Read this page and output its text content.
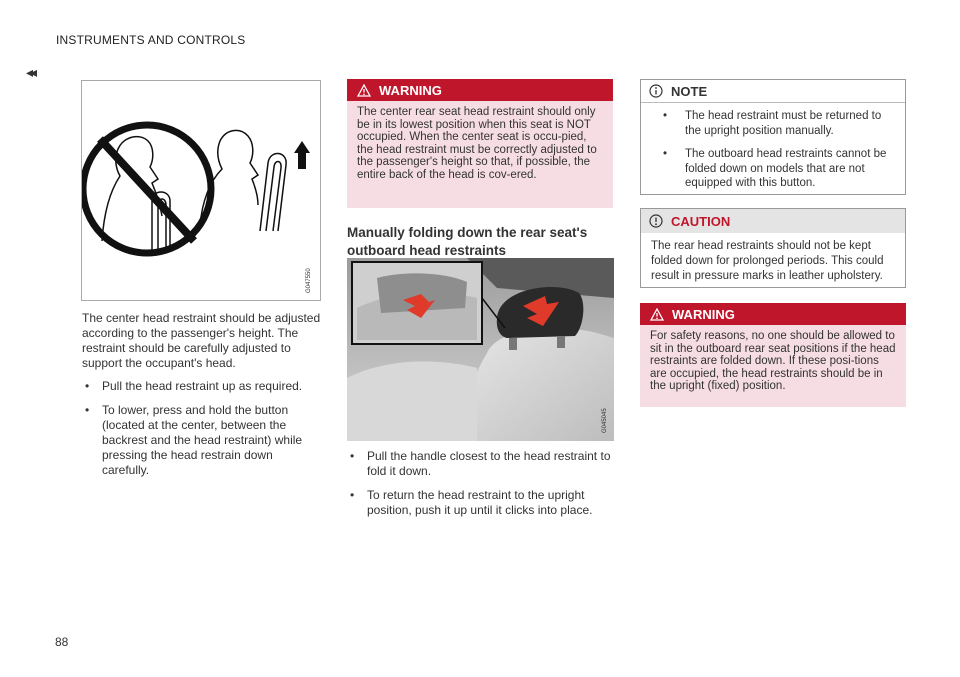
INSTRUMENTS AND CONTROLS
◂◂
G047550

The center head restraint should be adjusted according to the passenger's height. The restraint should be carefully adjusted to support the occupant's head.

• Pull the head restraint up as required.
• To lower, press and hold the button (located at the center, between the backrest and the head restraint) while pressing the head restrain down carefully.
WARNING
The center rear seat head restraint should only be in its lowest position when this seat is NOT occupied. When the center seat is occu-pied, the head restraint must be correctly adjusted to the passenger's height so that, if possible, the entire back of the head is cov-ered.
Manually folding down the rear seat's outboard head restraints
G045045
• Pull the handle closest to the head restraint to fold it down.
• To return the head restraint to the upright position, push it up until it clicks into place.
NOTE
• The head restraint must be returned to the upright position manually.
• The outboard head restraints cannot be folded down on models that are not equipped with this button.
CAUTION
The rear head restraints should not be kept folded down for prolonged periods. This could result in pressure marks in leather upholstery.
WARNING
For safety reasons, no one should be allowed to sit in the outboard rear seat positions if the head restraints are folded down. If these posi-tions are occupied, the head restraints should be in the upright (fixed) position.
88
